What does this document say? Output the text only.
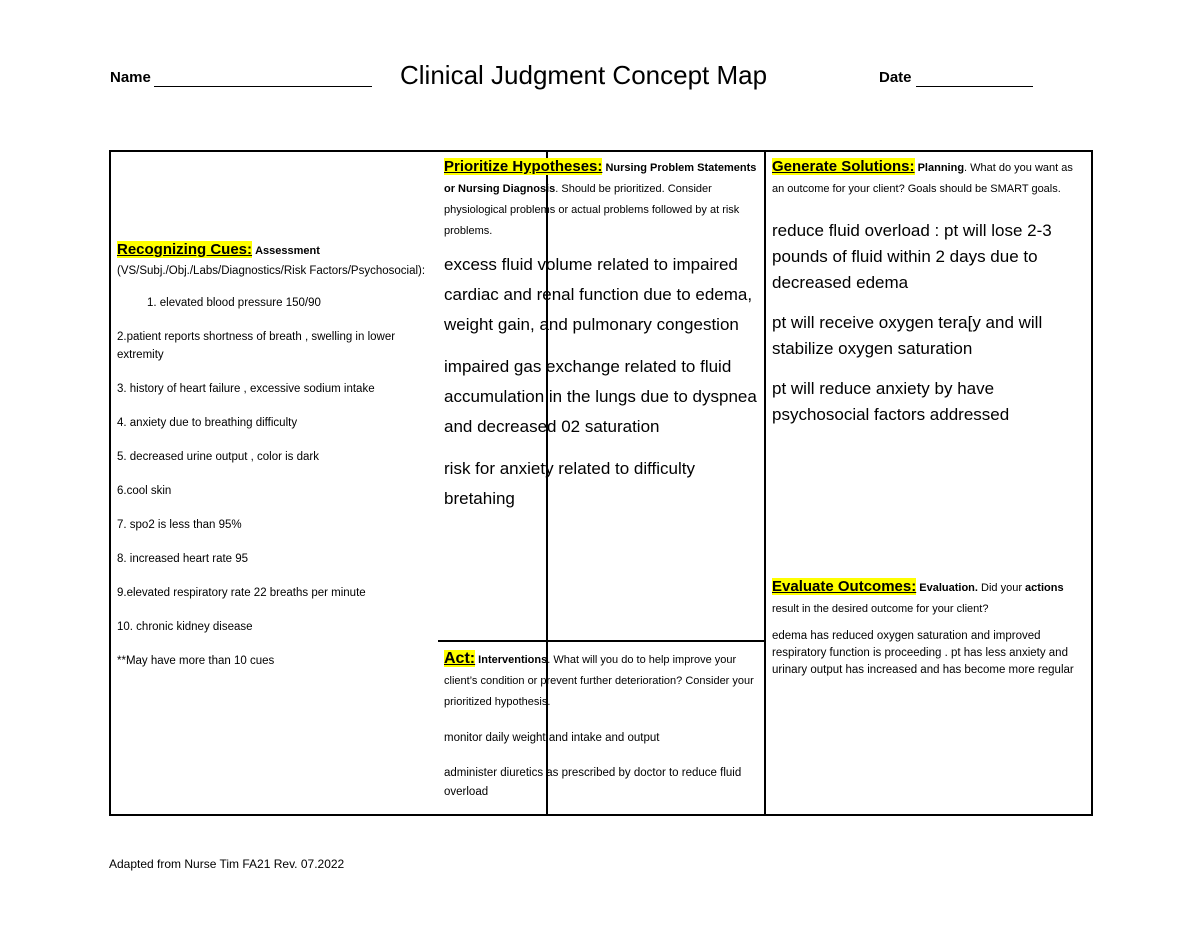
Name	Clinical Judgment Concept Map	Date
Recognizing Cues: Assessment
(VS/Subj./Obj./Labs/Diagnostics/Risk Factors/Psychosocial):
1. elevated blood pressure 150/90
2.patient reports shortness of breath , swelling in lower extremity
3. history of heart failure , excessive sodium intake
4. anxiety due to breathing difficulty
5. decreased urine output , color is dark
6.cool skin
7. spo2 is less than 95%
8. increased heart rate 95
9.elevated respiratory rate 22 breaths per minute
10. chronic kidney disease
**May have more than 10 cues
Prioritize Hypotheses: Nursing Problem Statements or Nursing Diagnosis. Should be prioritized. Consider physiological problems or actual problems followed by at risk problems.

excess fluid volume related to impaired cardiac and renal function due to edema, weight gain, and pulmonary congestion

impaired gas exchange related to fluid accumulation in the lungs due to dyspnea and decreased 02 saturation

risk for anxiety related to difficulty bretahing

Act: Interventions. What will you do to help improve your client’s condition or prevent further deterioration? Consider your prioritized hypothesis.
monitor daily weight and intake and output
administer diuretics as prescribed by doctor to reduce fluid overload
Generate Solutions: Planning. What do you want as an outcome for your client? Goals should be SMART goals.

reduce fluid overload : pt will lose 2-3 pounds of fluid within 2 days due to decreased edema

pt will receive oxygen tera[y and will stabilize oxygen saturation

pt will reduce anxiety by have psychosocial factors addressed

Evaluate Outcomes: Evaluation. Did your actions result in the desired outcome for your client?
edema has reduced oxygen saturation and improved respiratory function is proceeding . pt has less anxiety and urinary output has increased and has become more regular
Adapted from Nurse Tim FA21 Rev. 07.2022
